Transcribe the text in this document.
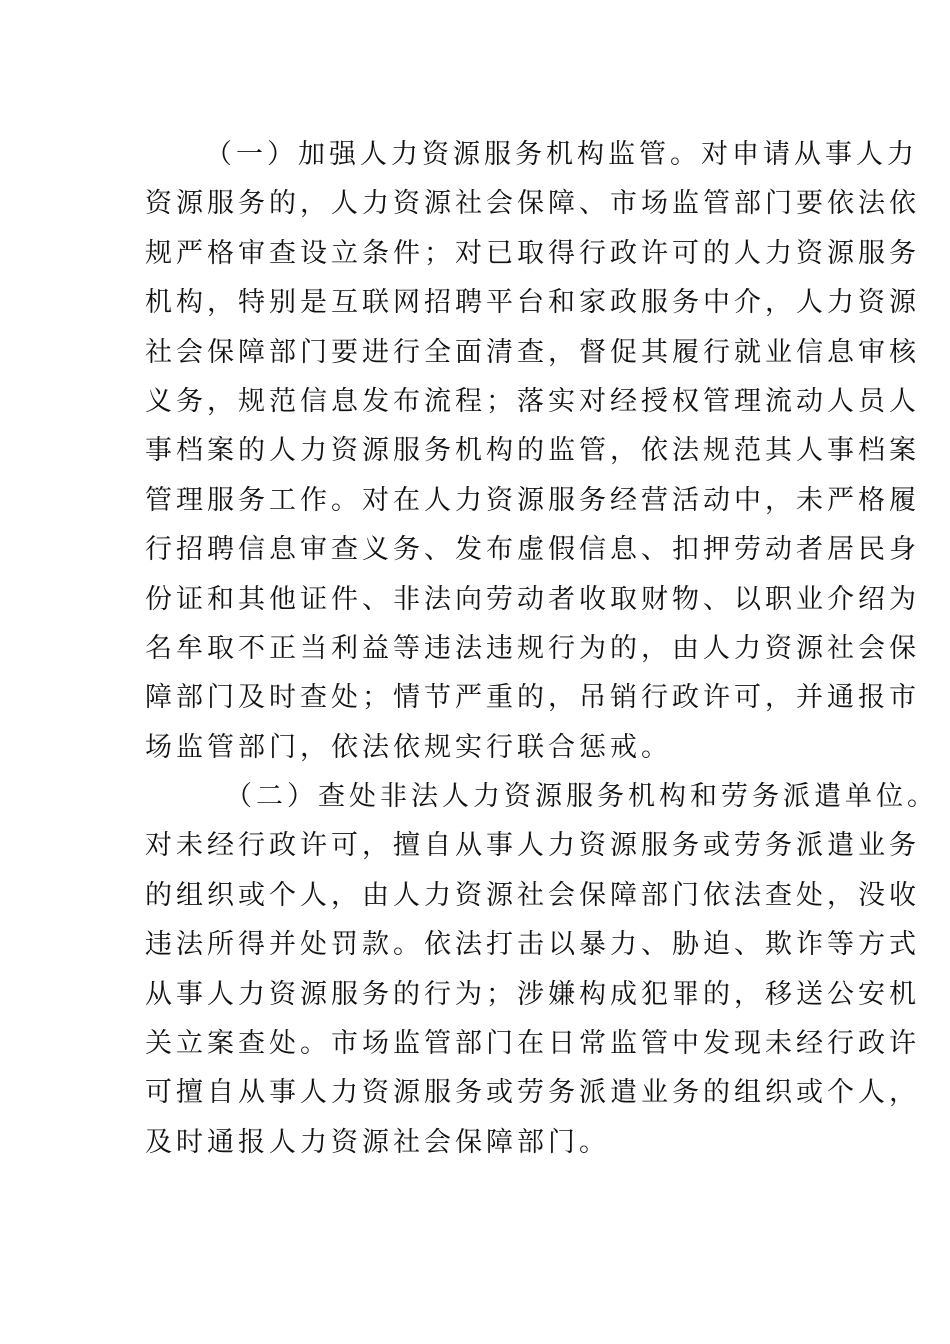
（一）加强人力资源服务机构监管。对申请从事人力
资源服务的，人力资源社会保障、市场监管部门要依法依
规严格审查设立条件；对已取得行政许可的人力资源服务
机构，特别是互联网招聘平台和家政服务中介，人力资源
社会保障部门要进行全面清查，督促其履行就业信息审核
义务，规范信息发布流程；落实对经授权管理流动人员人
事档案的人力资源服务机构的监管，依法规范其人事档案
管理服务工作。对在人力资源服务经营活动中，未严格履
行招聘信息审查义务、发布虚假信息、扣押劳动者居民身
份证和其他证件、非法向劳动者收取财物、以职业介绍为
名牟取不正当利益等违法违规行为的，由人力资源社会保
障部门及时查处；情节严重的，吊销行政许可，并通报市
场监管部门，依法依规实行联合惩戒。
（二）查处非法人力资源服务机构和劳务派遣单位。
对未经行政许可，擅自从事人力资源服务或劳务派遣业务
的组织或个人，由人力资源社会保障部门依法查处，没收
违法所得并处罚款。依法打击以暴力、胁迫、欺诈等方式
从事人力资源服务的行为；涉嫌构成犯罪的，移送公安机
关立案查处。市场监管部门在日常监管中发现未经行政许
可擅自从事人力资源服务或劳务派遣业务的组织或个人，
及时通报人力资源社会保障部门。
